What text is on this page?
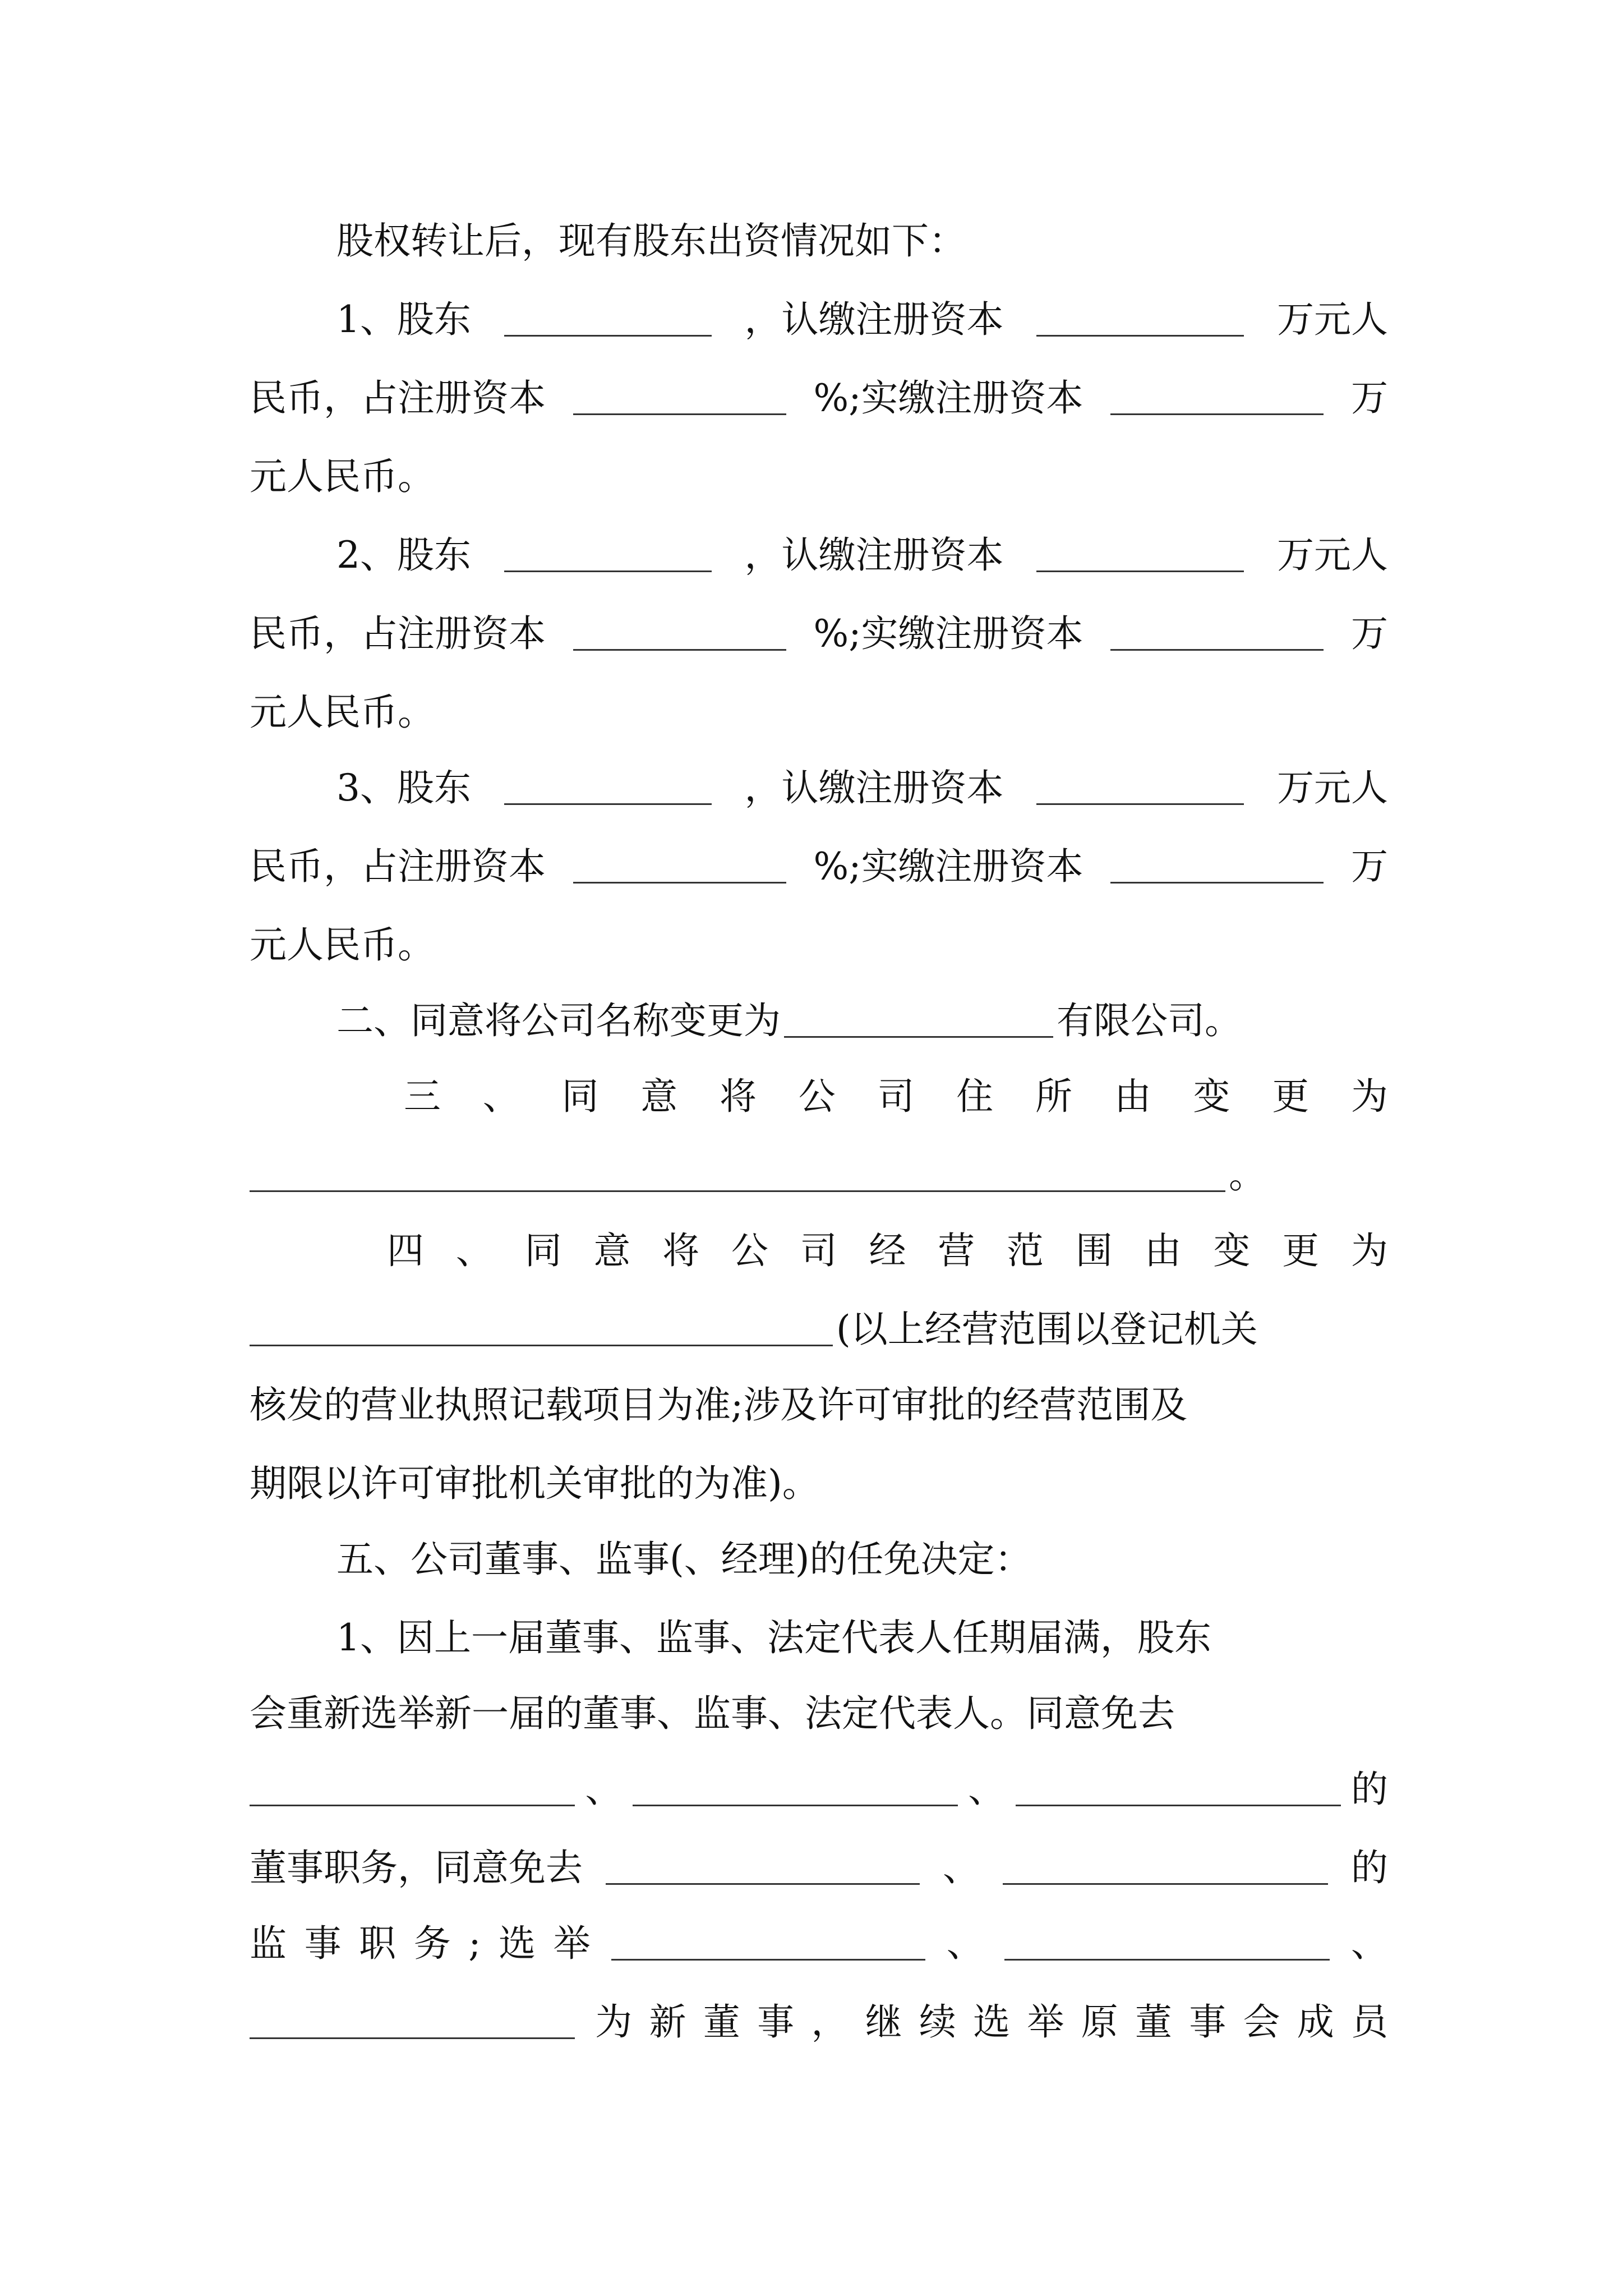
股权转让后，现有股东出资情况如下：
1、股东	，认缴注册资本	万元人
民币，占注册资本	%;实缴注册资本	万
元人民币。
2、股东	，认缴注册资本	万元人
民币，占注册资本	%;实缴注册资本	万
元人民币。
3、股东	，认缴注册资本	万元人
民币，占注册资本	%;实缴注册资本	万
元人民币。
二、同意将公司名称变更为	有限公司。
三 、 同 意 将 公 司 住 所 由 变 更 为
。
四 、 同 意 将 公 司 经 营 范 围 由 变 更 为
(以上经营范围以登记机关
核发的营业执照记载项目为准;涉及许可审批的经营范围及
期限以许可审批机关审批的为准)。
五、公司董事、监事(、经理)的任免决定：
1、因上一届董事、监事、法定代表人任期届满，股东
会重新选举新一届的董事、监事、法定代表人。同意免去
、	、	的
董事职务，同意免去	、	的
监 事 职 务 ; 选 举	、	、
为 新 董 事 ， 继 续 选 举 原 董 事 会 成 员
